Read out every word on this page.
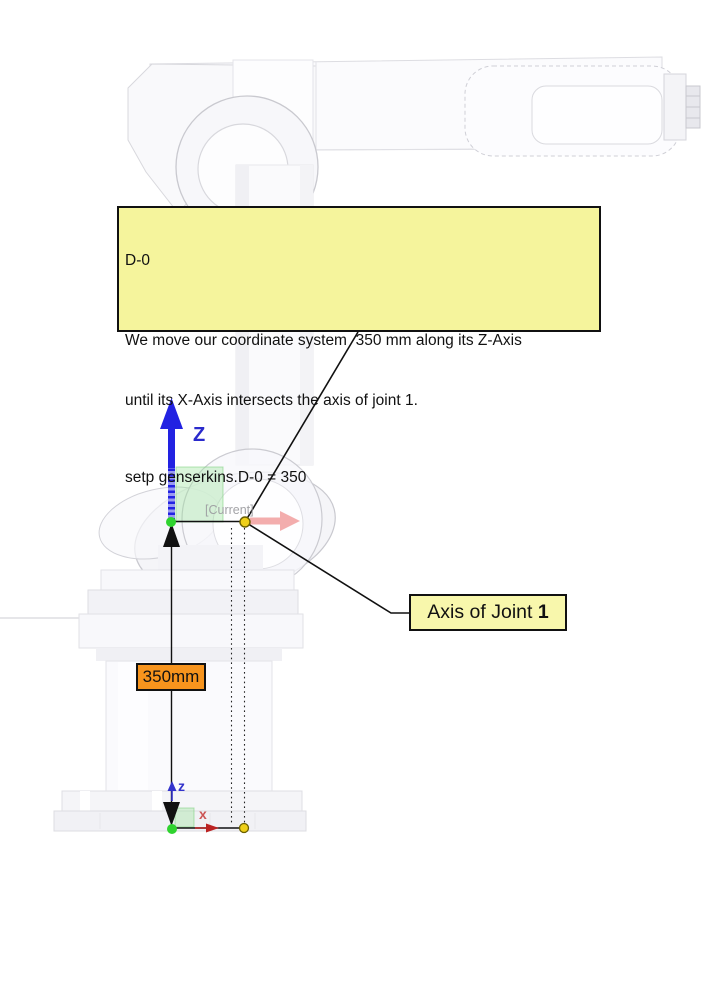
D-0

We move our coordinate system  350 mm along its Z-Axis

until its X-Axis intersects the axis of joint 1.

setp genserkins.D-0 = 350

Axis of Joint 1
350mm
Z
[Current]
z
x
